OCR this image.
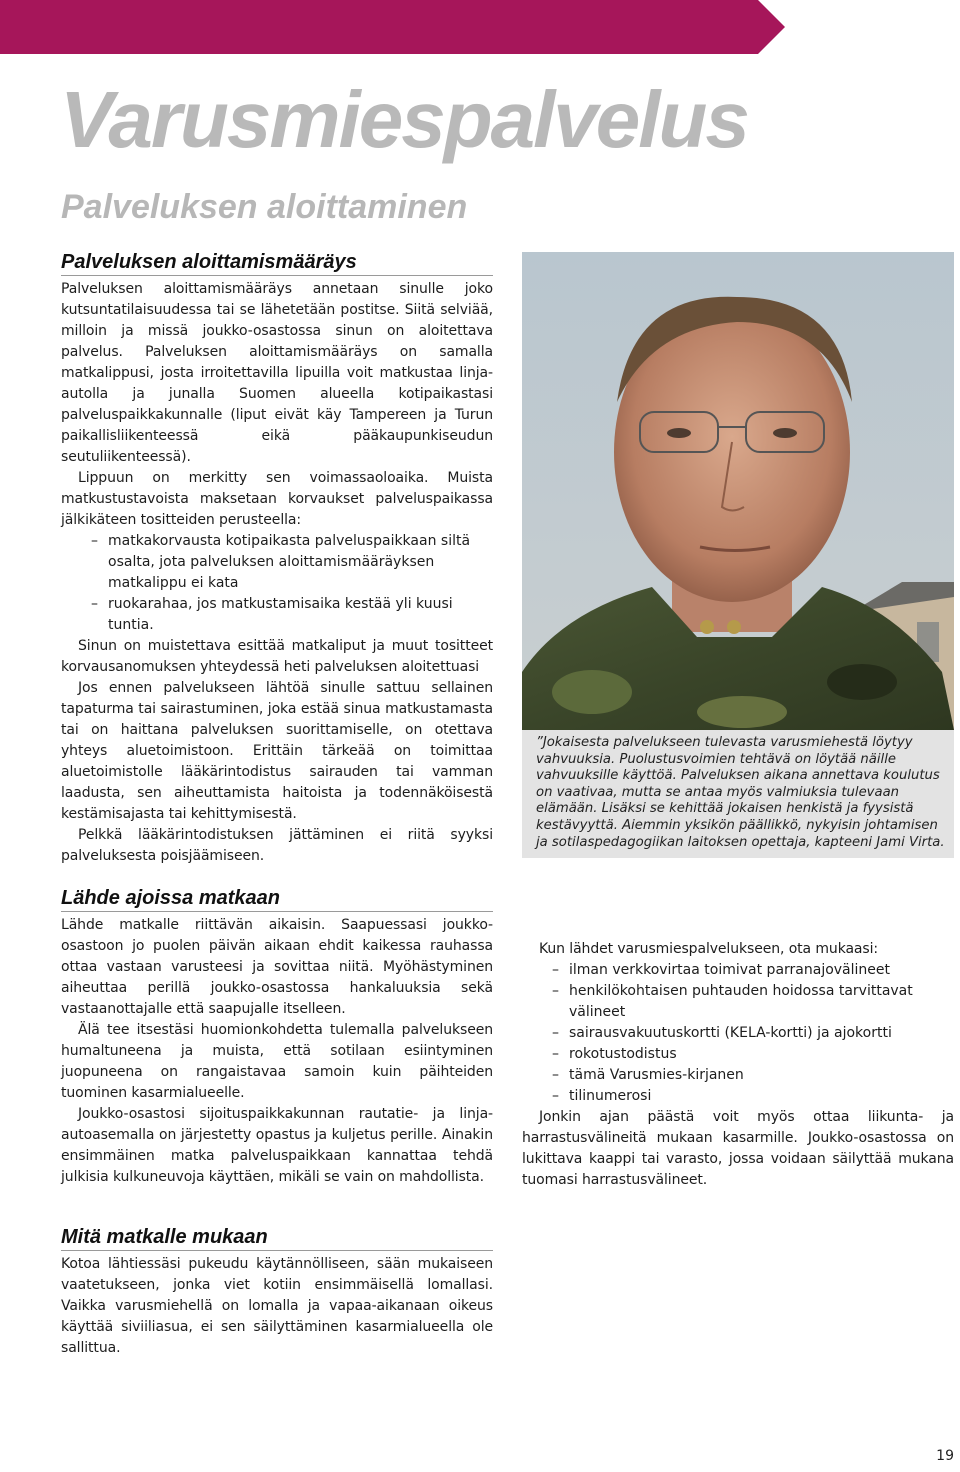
Varusmiespalvelus
Palveluksen aloittaminen
Palveluksen aloittamismääräys

Palveluksen aloittamismääräys annetaan sinulle joko kutsuntatilaisuudessa tai se lähetetään postitse. Siitä selviää, milloin ja missä joukko-osastossa sinun on aloitettava palvelus. Palveluksen aloittamismääräys on samalla matkalippusi, josta irroitettavilla lipuilla voit matkustaa linja-autolla ja junalla Suomen alueella kotipaikastasi palveluspaikkakunnalle (liput eivät käy Tampereen ja Turun paikallisliikenteessä eikä pääkaupunkiseudun seutuliikenteessä).

Lippuun on merkitty sen voimassaoloaika. Muista matkustustavoista maksetaan korvaukset palveluspaikassa jälkikäteen tositteiden perusteella:

– matkakorvausta kotipaikasta palveluspaikkaan siltä osalta, jota palveluksen aloittamismääräyksen matkalippu ei kata
– ruokarahaa, jos matkustamisaika kestää yli kuusi tuntia.

Sinun on muistettava esittää matkaliput ja muut tositteet korvausanomuksen yhteydessä heti palveluksen aloitettuasi

Jos ennen palvelukseen lähtöä sinulle sattuu sellainen tapaturma tai sairastuminen, joka estää sinua matkustamasta tai on haittana palveluksen suorittamiselle, on otettava yhteys aluetoimistoon. Erittäin tärkeää on toimittaa aluetoimistolle lääkärintodistus sairauden tai vamman laadusta, sen aiheuttamista haitoista ja todennäköisestä kestämisajasta tai kehittymisestä.

Pelkkä lääkärintodistuksen jättäminen ei riitä syyksi palveluksesta poisjäämiseen.

Lähde ajoissa matkaan

Lähde matkalle riittävän aikaisin. Saapuessasi joukko-osastoon jo puolen päivän aikaan ehdit kaikessa rauhassa ottaa vastaan varusteesi ja sovittaa niitä. Myöhästyminen aiheuttaa perillä joukko-osastossa hankaluuksia sekä vastaanottajalle että saapujalle itselleen.

Älä tee itsestäsi huomionkohdetta tulemalla palvelukseen humaltuneena ja muista, että sotilaan esiintyminen juopuneena on rangaistavaa samoin kuin päihteiden tuominen kasarmialueelle.

Joukko-osastosi sijoituspaikkakunnan rautatie- ja linja-autoasemalla on järjestetty opastus ja kuljetus perille. Ainakin ensimmäinen matka palveluspaikkaan kannattaa tehdä julkisia kulkuneuvoja käyttäen, mikäli se vain on mahdollista.

Mitä matkalle mukaan

Kotoa lähtiessäsi pukeudu käytännölliseen, sään mukaiseen vaatetukseen, jonka viet kotiin ensimmäisellä lomallasi. Vaikka varusmiehellä on lomalla ja vapaa-aikanaan oikeus käyttää siviiliasua, ei sen säilyttäminen kasarmialueella ole sallittua.

”Jokaisesta palvelukseen tulevasta varusmiehestä löytyy vahvuuksia. Puolustusvoimien tehtävä on löytää näille vahvuuksille käyttöä. Palveluksen aikana annettava koulutus on vaativaa, mutta se antaa myös valmiuksia tulevaan elämään. Lisäksi se kehittää jokaisen henkistä ja fyysistä kestävyyttä. Aiemmin yksikön päällikkö, nykyisin johtamisen ja sotilaspedagogiikan laitoksen opettaja, kapteeni Jami Virta.

Kun lähdet varusmiespalvelukseen, ota mukaasi:

– ilman verkkovirtaa toimivat parranajovälineet
– henkilökohtaisen puhtauden hoidossa tarvittavat välineet
– sairausvakuutuskortti (KELA-kortti) ja ajokortti
– rokotustodistus
– tämä Varusmies-kirjanen
– tilinumerosi

Jonkin ajan päästä voit myös ottaa liikunta- ja harrastusvälineitä mukaan kasarmille. Joukko-osastossa on lukittava kaappi tai varasto, jossa voidaan säilyttää mukana tuomasi harrastusvälineet.

19
